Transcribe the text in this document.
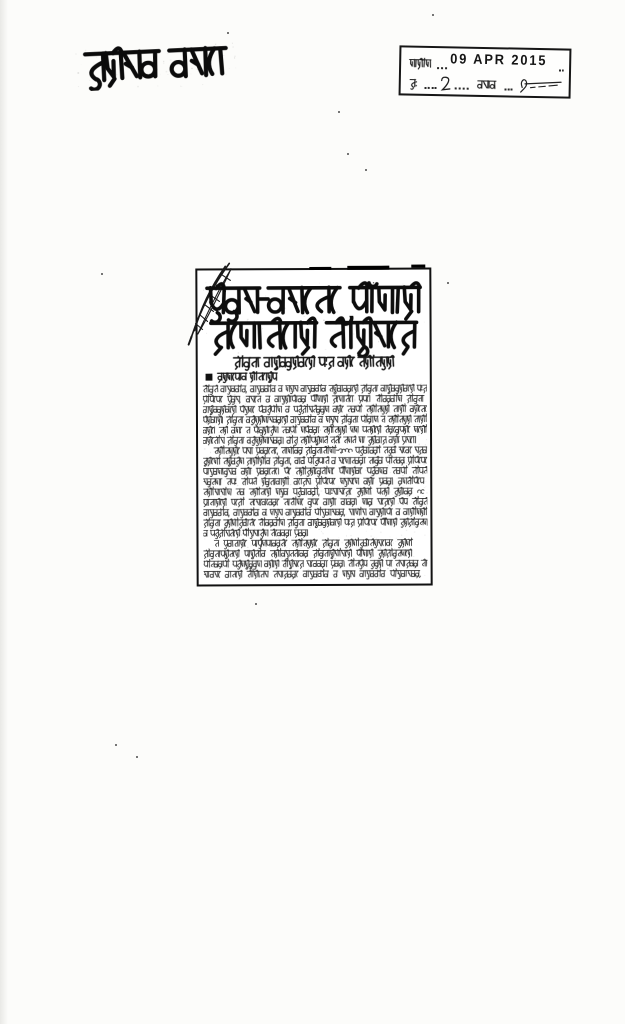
09 APR 2015
■
